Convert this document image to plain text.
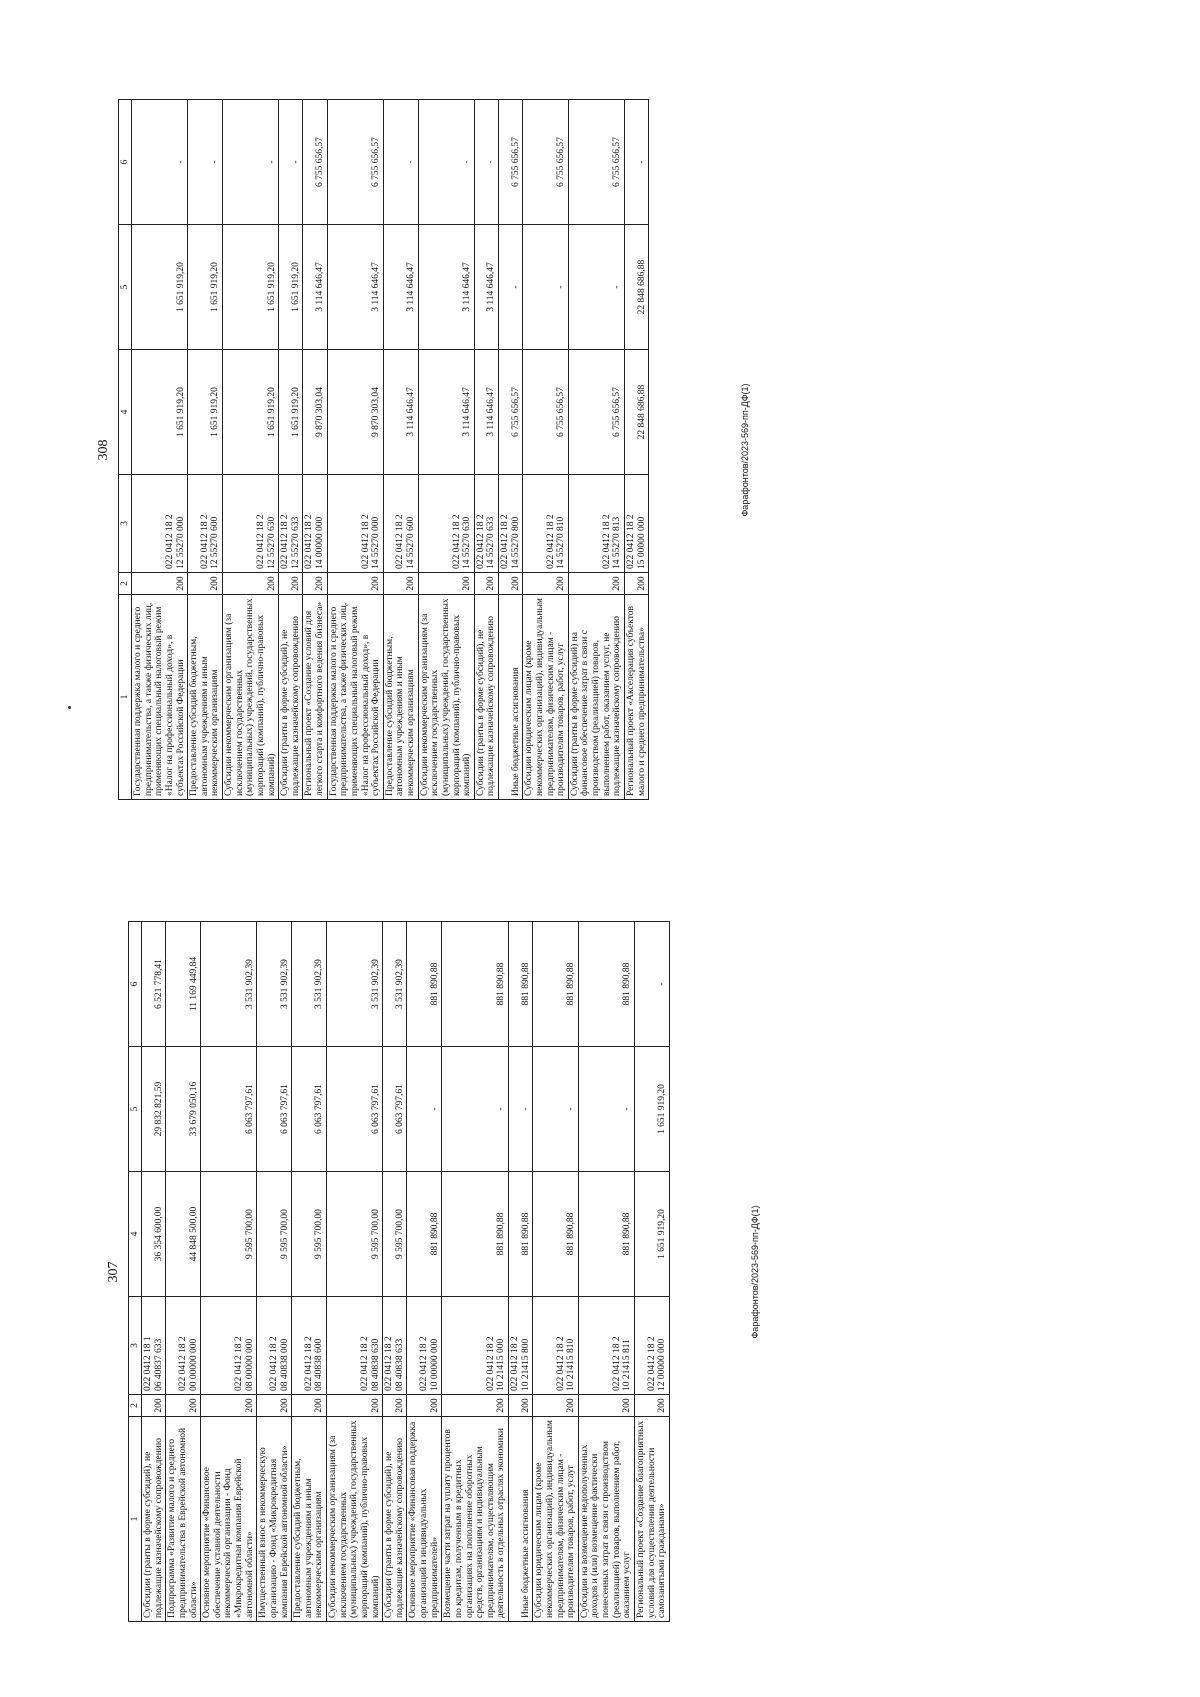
307
1	2	3	4	5	6
Субсидии (гранты в форме субсидий), не подлежащие казначейскому сопровождению	200	022 0412 18 1 06 40837 633	36 354 600,00	29 832 821,59	6 521 778,41
Подпрограмма «Развитие малого и среднего предпринимательства в Еврейской автономной области»	200	022 0412 18 2 00 00000 000	44 848 500,00	33 679 050,16	11 169 449,84
Основное мероприятие «Финансовое обеспечение уставной деятельности некоммерческой организации - Фонд «Микрокредитная компания Еврейской автономной области»	200	022 0412 18 2 08 00000 000	9 595 700,00	6 063 797,61	3 531 902,39
Имущественный взнос в некоммерческую организацию - Фонд «Микрокредитная компания Еврейской автономной области»	200	022 0412 18 2 08 40838 000	9 595 700,00	6 063 797,61	3 531 902,39
Предоставление субсидий бюджетным, автономным учреждениям и иным некоммерческим организациям	200	022 0412 18 2 08 40838 600	9 595 700,00	6 063 797,61	3 531 902,39
Субсидии некоммерческим организациям (за исключением государственных (муниципальных) учреждений, государственных корпораций (компаний), публично-правовых компаний)	200	022 0412 18 2 08 40838 630	9 595 700,00	6 063 797,61	3 531 902,39
Субсидии (гранты в форме субсидий), не подлежащие казначейскому сопровождению	200	022 0412 18 2 08 40838 633	9 595 700,00	6 063 797,61	3 531 902,39
Основное мероприятие «Финансовая поддержка организаций и индивидуальных предпринимателей»	200	022 0412 18 2 10 00000 000	881 890,88	-	881 890,88
Возмещение части затрат на уплату процентов по кредитам, полученным в кредитных организациях на пополнение оборотных средств, организациям и индивидуальным предпринимателям, осуществляющим деятельность в отдельных отраслях экономики	200	022 0412 18 2 10 21415 000	881 890,88	-	881 890,88
Иные бюджетные ассигнования	200	022 0412 18 2 10 21415 800	881 890,88	-	881 890,88
Субсидии юридическим лицам (кроме некоммерческих организаций), индивидуальным предпринимателям, физическим лицам - производителям товаров, работ, услуг	200	022 0412 18 2 10 21415 810	881 890,88	-	881 890,88
Субсидии на возмещение недополученных доходов и (или) возмещение фактически понесенных затрат в связи с производством (реализацией) товаров, выполнением работ, оказанием услуг	200	022 0412 18 2 10 21415 811	881 890,88	-	881 890,88
Региональный проект «Создание благоприятных условий для осуществления деятельности самозанятыми гражданами»	200	022 0412 18 2 12 00000 000	1 651 919,20	1 651 919,20	-
Фарафонтов/2023-569-пп-ДФ(1)
308
1	2	3	4	5	6
Государственная поддержка малого и среднего предпринимательства, а также физических лиц, применяющих специальный налоговый режим «Налог на профессиональный доход», в субъектах Российской Федерации	200	022 0412 18 2 12 55270 000	1 651 919,20	1 651 919,20	-
Предоставление субсидий бюджетным, автономным учреждениям и иным некоммерческим организациям	200	022 0412 18 2 12 55270 600	1 651 919,20	1 651 919,20	-
Субсидии некоммерческим организациям (за исключением государственных (муниципальных) учреждений, государственных корпораций (компаний), публично-правовых компаний)	200	022 0412 18 2 12 55270 630	1 651 919,20	1 651 919,20	-
Субсидии (гранты в форме субсидий), не подлежащие казначейскому сопровождению	200	022 0412 18 2 12 55270 633	1 651 919,20	1 651 919,20	-
Региональный проект «Создание условий для легкого старта и комфортного ведения бизнеса»	200	022 0412 18 2 14 00000 000	9 870 303,04	3 114 646,47	6 755 656,57
Государственная поддержка малого и среднего предпринимательства, а также физических лиц, применяющих специальный налоговый режим «Налог на профессиональный доход», в субъектах Российской Федерации	200	022 0412 18 2 14 55270 000	9 870 303,04	3 114 646,47	6 755 656,57
Предоставление субсидий бюджетным, автономным учреждениям и иным некоммерческим организациям	200	022 0412 18 2 14 55270 600	3 114 646,47	3 114 646,47	-
Субсидии некоммерческим организациям (за исключением государственных (муниципальных) учреждений, государственных корпораций (компаний), публично-правовых компаний)	200	022 0412 18 2 14 55270 630	3 114 646,47	3 114 646,47	-
Субсидии (гранты в форме субсидий), не подлежащие казначейскому сопровождению	200	022 0412 18 2 14 55270 633	3 114 646,47	3 114 646,47	-
Иные бюджетные ассигнования	200	022 0412 18 2 14 55270 800	6 755 656,57	-	6 755 656,57
Субсидии юридическим лицам (кроме некоммерческих организаций), индивидуальным предпринимателям, физическим лицам - производителям товаров, работ, услуг	200	022 0412 18 2 14 55270 810	6 755 656,57	-	6 755 656,57
Субсидии (гранты в форме субсидий) на финансовое обеспечение затрат в связи с производством (реализацией) товаров, выполнением работ, оказанием услуг, не подлежащие казначейскому сопровождению	200	022 0412 18 2 14 55270 813	6 755 656,57	-	6 755 656,57
Региональный проект «Акселерация субъектов малого и среднего предпринимательства»	200	022 0412 18 2 15 00000 000	22 848 686,88	22 848 686,88	-
Фарафонтов/2023-569-пп-ДФ(1)
